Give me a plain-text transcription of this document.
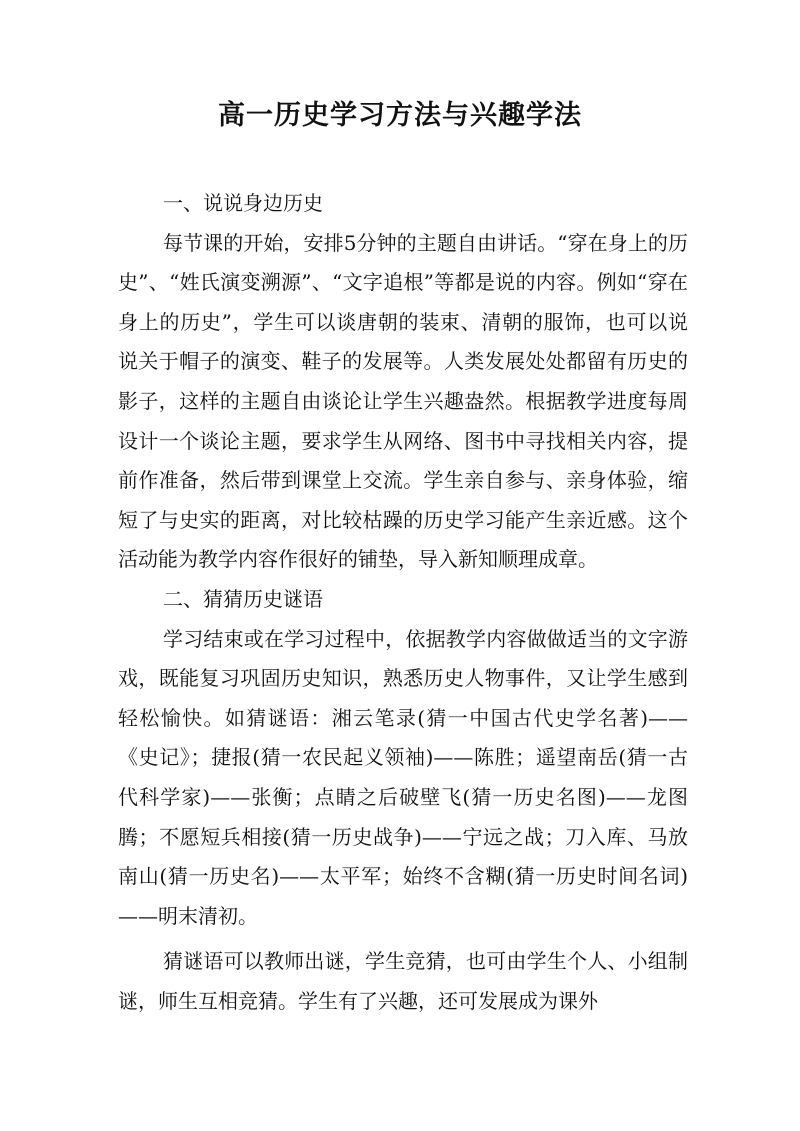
高一历史学习方法与兴趣学法

一、说说身边历史

每节课的开始，安排5分钟的主题自由讲话。“穿在身上的历史”、“姓氏演变溯源”、“文字追根”等都是说的内容。例如“穿在身上的历史”，学生可以谈唐朝的装束、清朝的服饰，也可以说说关于帽子的演变、鞋子的发展等。人类发展处处都留有历史的影子，这样的主题自由谈论让学生兴趣盎然。根据教学进度每周设计一个谈论主题，要求学生从网络、图书中寻找相关内容，提前作准备，然后带到课堂上交流。学生亲自参与、亲身体验，缩短了与史实的距离，对比较枯躁的历史学习能产生亲近感。这个活动能为教学内容作很好的铺垫，导入新知顺理成章。

二、猜猜历史谜语

学习结束或在学习过程中，依据教学内容做做适当的文字游戏，既能复习巩固历史知识，熟悉历史人物事件，又让学生感到轻松愉快。如猜谜语：湘云笔录(猜一中国古代史学名著)——《史记》；捷报(猜一农民起义领袖)——陈胜；遥望南岳(猜一古代科学家)——张衡；点睛之后破壁飞(猜一历史名图)——龙图腾；不愿短兵相接(猜一历史战争)——宁远之战；刀入库、马放南山(猜一历史名)——太平军；始终不含糊(猜一历史时间名词)——明末清初。

猜谜语可以教师出谜，学生竞猜，也可由学生个人、小组制谜，师生互相竞猜。学生有了兴趣，还可发展成为课外
